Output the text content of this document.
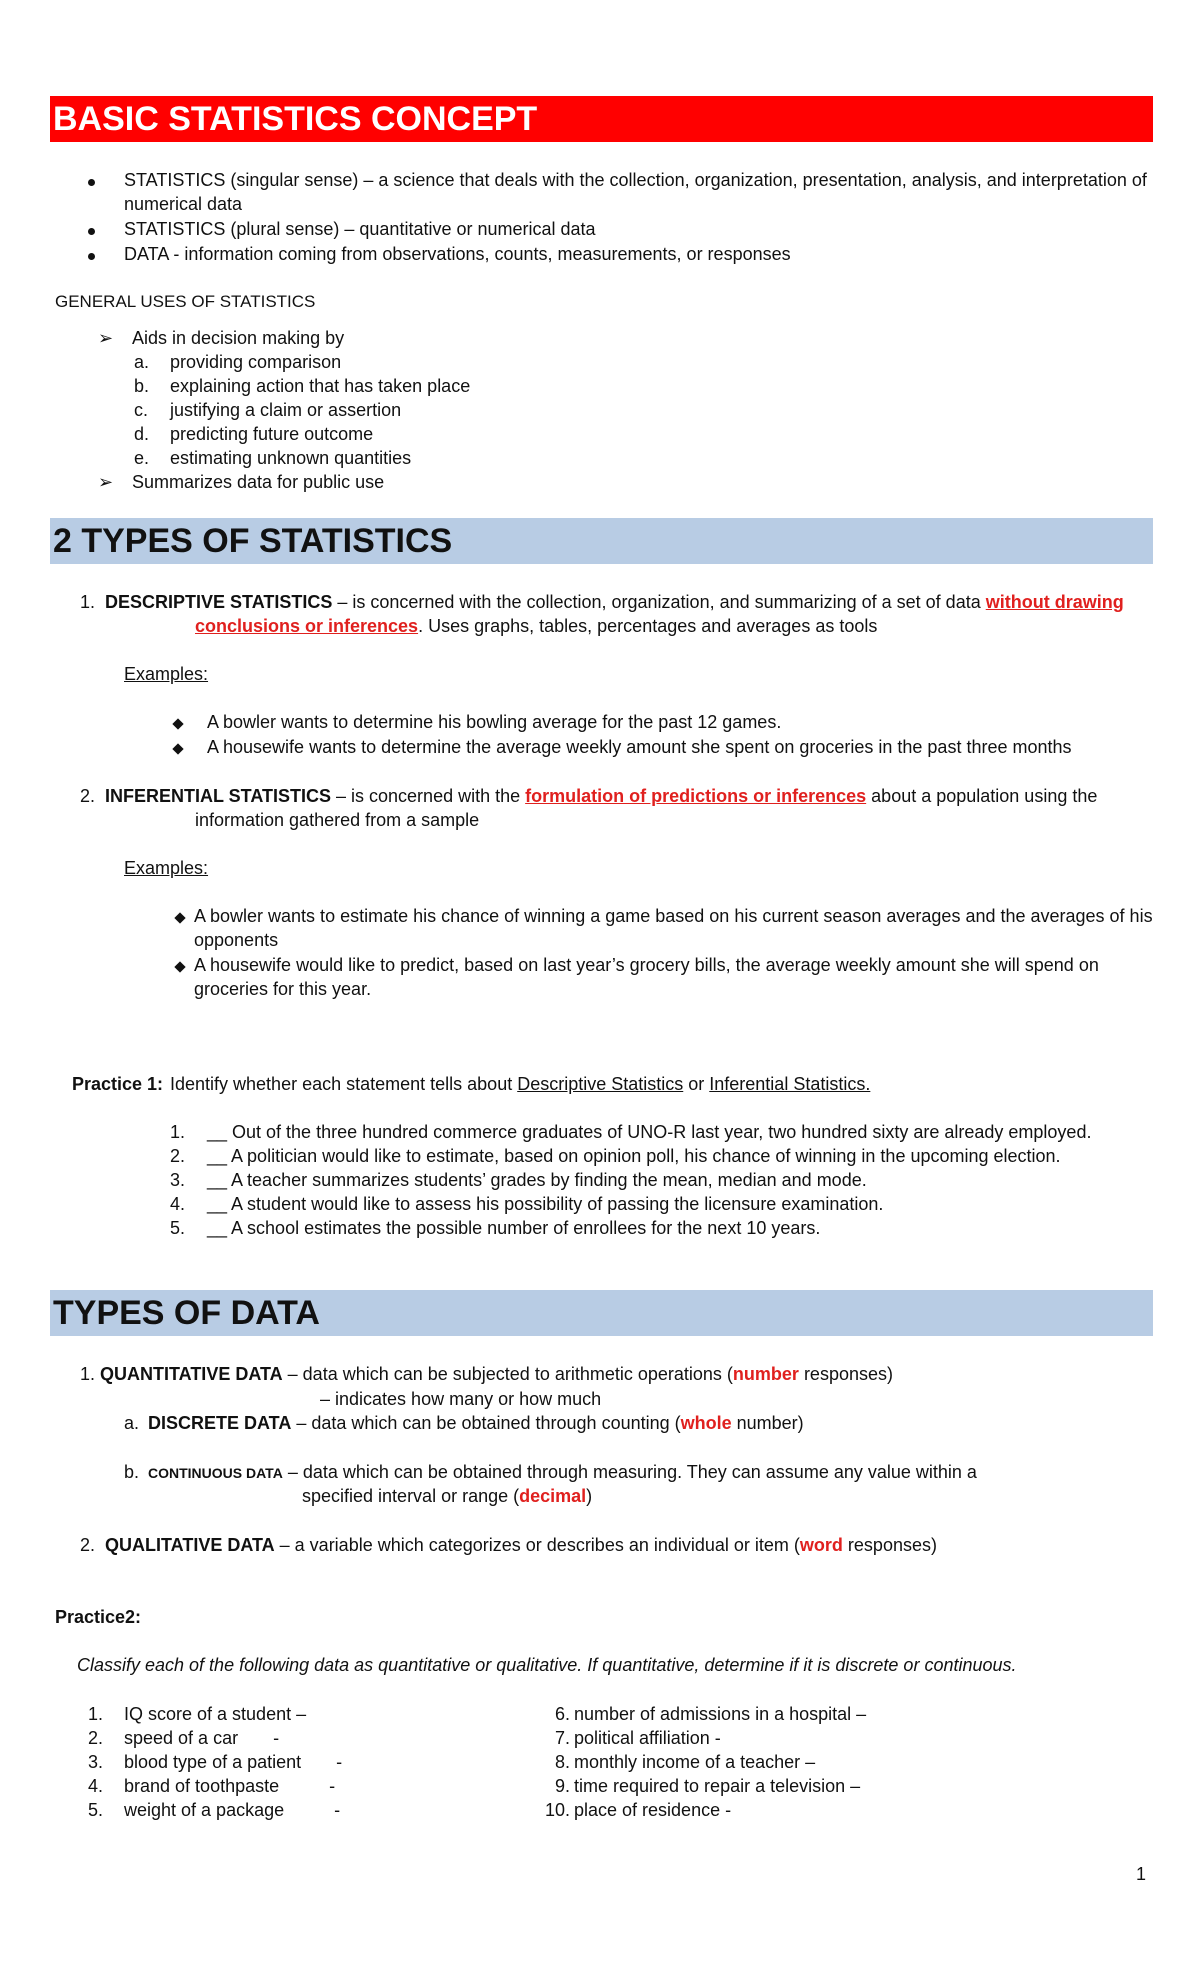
BASIC STATISTICS CONCEPT
STATISTICS (singular sense) – a science that deals with the collection, organization, presentation, analysis, and interpretation of
numerical data
STATISTICS (plural sense) – quantitative or numerical data
DATA - information coming from observations, counts, measurements, or responses
GENERAL USES OF STATISTICS
➢ Aids in decision making by
a. providing comparison
b. explaining action that has taken place
c. justifying a claim or assertion
d. predicting future outcome
e. estimating unknown quantities
➢ Summarizes data for public use
2 TYPES OF STATISTICS
1. DESCRIPTIVE STATISTICS – is concerned with the collection, organization, and summarizing of a set of data without drawing
conclusions or inferences. Uses graphs, tables, percentages and averages as tools
Examples:
A bowler wants to determine his bowling average for the past 12 games.
A housewife wants to determine the average weekly amount she spent on groceries in the past three months
2. INFERENTIAL STATISTICS – is concerned with the formulation of predictions or inferences about a population using the
information gathered from a sample
Examples:
A bowler wants to estimate his chance of winning a game based on his current season averages and the averages of his
opponents
A housewife would like to predict, based on last year’s grocery bills, the average weekly amount she will spend on
groceries for this year.
Practice 1: Identify whether each statement tells about Descriptive Statistics or Inferential Statistics.
1. __ Out of the three hundred commerce graduates of UNO-R last year, two hundred sixty are already employed.
2. __ A politician would like to estimate, based on opinion poll, his chance of winning in the upcoming election.
3. __ A teacher summarizes students’ grades by finding the mean, median and mode.
4. __ A student would like to assess his possibility of passing the licensure examination.
5. __ A school estimates the possible number of enrollees for the next 10 years.
TYPES OF DATA
1. QUANTITATIVE DATA – data which can be subjected to arithmetic operations (number responses)
– indicates how many or how much
a. DISCRETE DATA – data which can be obtained through counting (whole number)
b. CONTINUOUS DATA – data which can be obtained through measuring. They can assume any value within a
specified interval or range (decimal)
2. QUALITATIVE DATA – a variable which categorizes or describes an individual or item (word responses)
Practice2:
Classify each of the following data as quantitative or qualitative. If quantitative, determine if it is discrete or continuous.
1. IQ score of a student –
2. speed of a car       -
3. blood type of a patient       -
4. brand of toothpaste          -
5. weight of a package          -
6. number of admissions in a hospital –
7. political affiliation -
8. monthly income of a teacher –
9. time required to repair a television –
10. place of residence -
1
